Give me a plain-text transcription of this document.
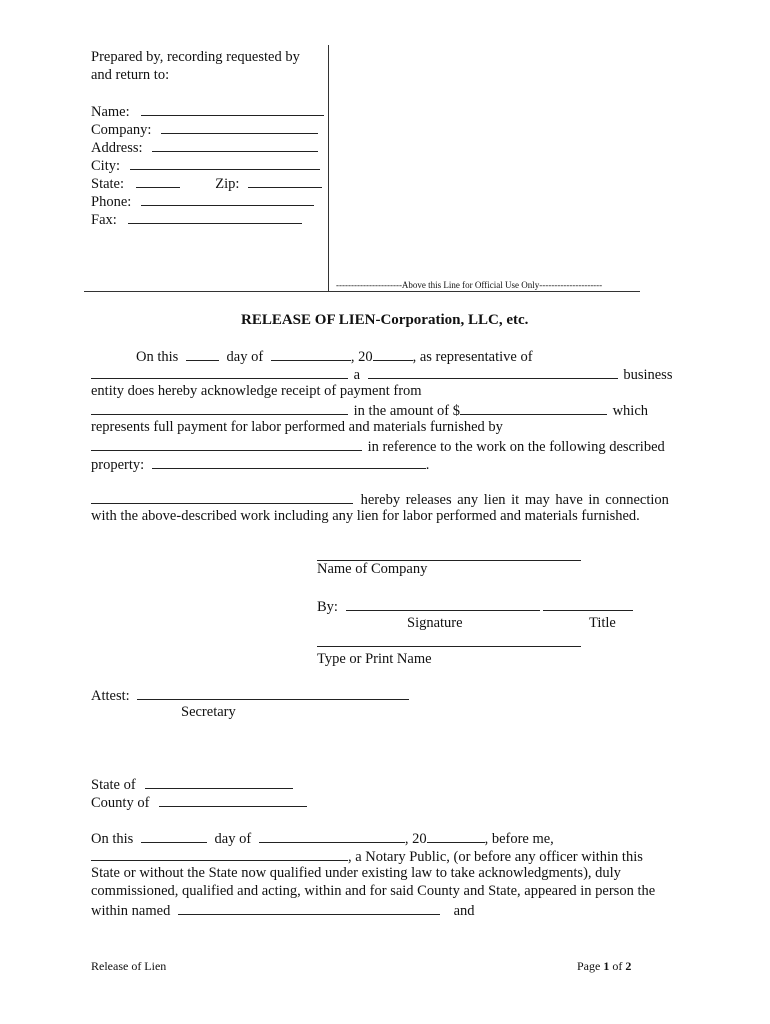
Prepared by, recording requested by
and return to:
Name:
Company:
Address:
City:
State:	Zip:
Phone:
Fax:
----------------------Above this Line for Official Use Only---------------------
RELEASE OF LIEN-Corporation, LLC, etc.
On this	day of	, 20	, as representative of
a	business
entity does hereby acknowledge receipt of payment from
in the amount of $	which
represents full payment for labor performed and materials furnished by
in reference to the work on the following described
property:	.
hereby releases any lien it may have in connection
with the above-described work including any lien for labor performed and materials furnished.
Name of Company
By:
Signature	Title
Type or Print Name
Attest:
Secretary
State of
County of
On this	day of	, 20	, before me,
, a Notary Public, (or before any officer within this
State or without the State now qualified under existing law to take acknowledgments), duly
commissioned, qualified and acting, within and for said County and State, appeared in person the
within named	and
Release of Lien	Page 1 of 2
